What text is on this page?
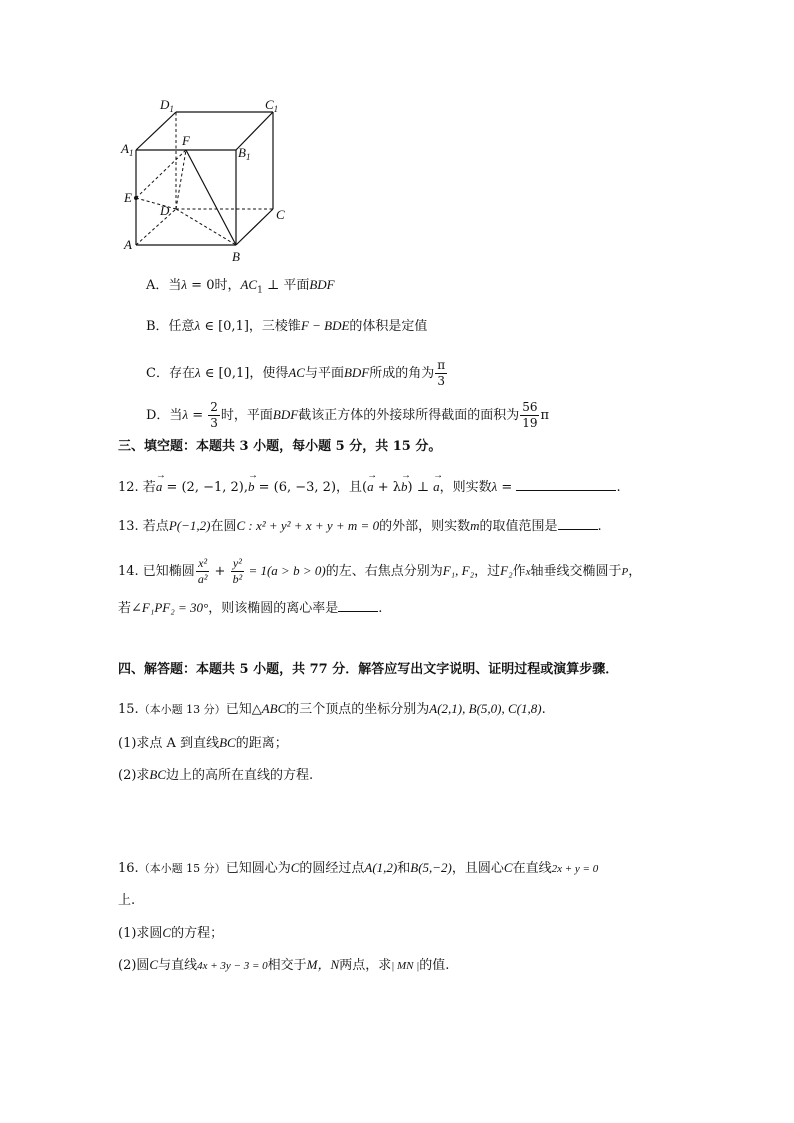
$D_1$	$C_1$
$A_1$	$B_1$
F
E
D	C
A
B
A．当λ = 0时，$AC_1$ ⊥ 平面BDF
B．任意λ ∈ [0,1]，三棱锥F − BDE的体积是定值
C．存在λ ∈ [0,1]，使得AC与平面BDF所成的角为 $\frac{\pi}{3}$
D．当$\lambda = \frac{2}{3}$ 时，平面BDF截该正方体的外接球所得截面的面积为 $\frac{56}{19}$ π
三、填空题：本题共 3 小题，每小题 5 分，共 15 分。
12. 若→ a = (2, −1, 2),→ b = (6, −3, 2)，且(→ a + λ→ b) ⊥ → a，则实数λ =	.
13. 若点P(−1,2)在圆C : x² + y² + x + y + m = 0的外部，则实数m的取值范围是	.
14. 已知椭圆 $\frac{\text{x²}}{\text{a²}} + \frac{\text{y²}}{\text{b²}} = 1(a > b > 0)$的左、右焦点分别为F₁, F₂，过F₂作x轴垂线交椭圆于P，
若∠F₁PF₂ = 30°，则该椭圆的离心率是	.
四、解答题：本题共 5 小题，共 77 分．解答应写出文字说明、证明过程或演算步骤．
15.（本小题 13 分）已知△ABC的三个顶点的坐标分别为A(2,1), B(5,0), C(1,8).
(1)求点 A 到直线BC的距离；
(2)求BC边上的高所在直线的方程.
16.（本小题 15 分）已知圆心为C的圆经过点A(1,2)和B(5,−2)，且圆心C在直线2x + y = 0
上.
(1)求圆C的方程；
(2)圆C与直线4x + 3y − 3 = 0相交于M，N两点，求| MN |的值.
